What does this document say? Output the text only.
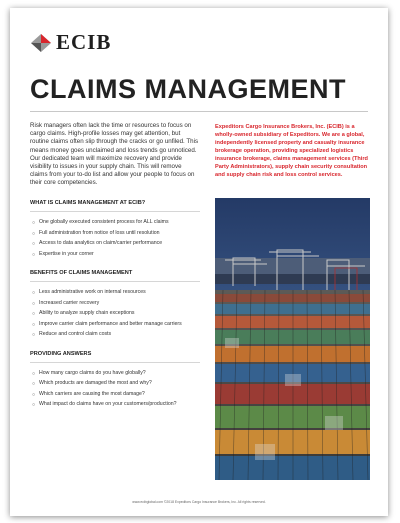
ECIB
CLAIMS MANAGEMENT
Risk managers often lack the time or resources to focus on cargo claims. High-profile losses may get attention, but routine claims often slip through the cracks or go unfiled. This means money goes unclaimed and loss trends go unnoticed. Our dedicated team will maximize recovery and provide visibility to issues in your supply chain. This will remove claims from your to-do list and allow your people to focus on their core competencies.
Expeditors Cargo Insurance Brokers, Inc. (ECIB) is a wholly-owned subsidiary of Expeditors. We are a global, independently licensed property and casualty insurance brokerage operation, providing specialized logistics insurance brokerage, claims management services (Third Party Administrators), supply chain security consultation and supply chain risk and loss control services.
WHAT IS CLAIMS MANAGEMENT AT ECIB?
○ One globally executed consistent process for ALL claims
○ Full administration from notice of loss until resolution
○ Access to data analytics on claim/carrier performance
○ Expertise in your corner
BENEFITS OF CLAIMS MANAGEMENT
○ Less administrative work on internal resources
○ Increased carrier recovery
○ Ability to analyze supply chain exceptions
○ Improve carrier claim performance and better manage carriers
○ Reduce and control claim costs
PROVIDING ANSWERS
○ How many cargo claims do you have globally?
○ Which products are damaged the most and why?
○ Which carriers are causing the most damage?
○ What impact do claims have on your customers/production?
www.ecibglobal.com ©2018 Expeditors Cargo Insurance Brokers, Inc. All rights reserved.
